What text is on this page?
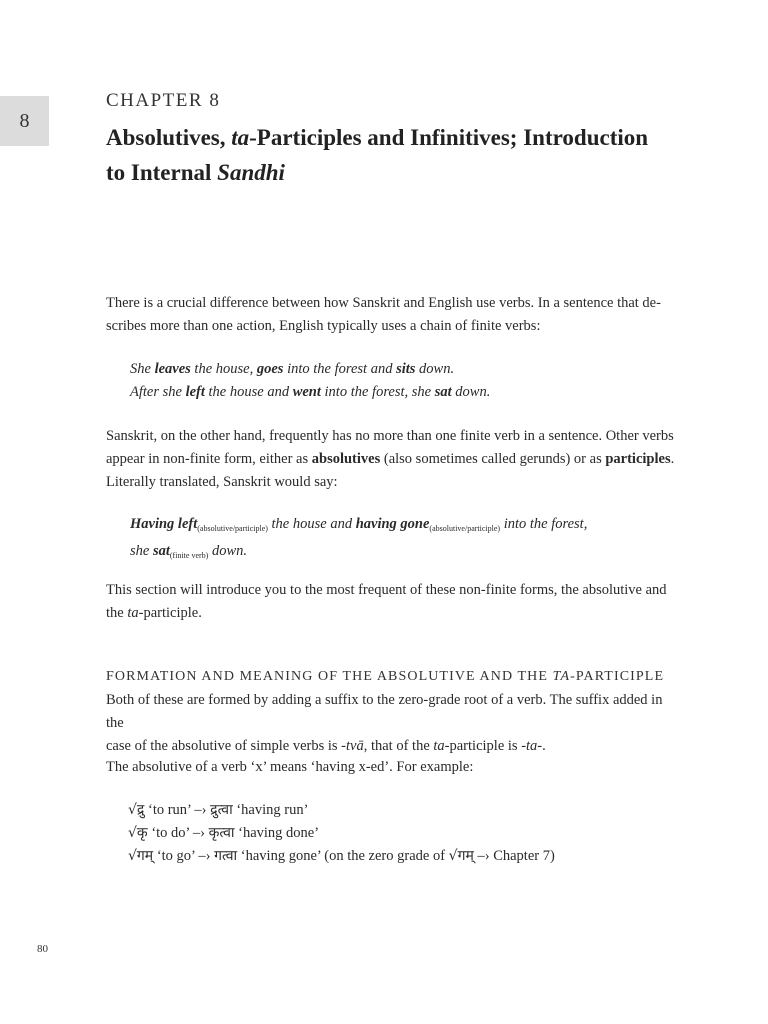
8
CHAPTER 8
Absolutives, ta-Participles and Infinitives; Introduction
to Internal Sandhi

There is a crucial difference between how Sanskrit and English use verbs. In a sentence that de-
scribes more than one action, English typically uses a chain of finite verbs:

She leaves the house, goes into the forest and sits down.
After she left the house and went into the forest, she sat down.

Sanskrit, on the other hand, frequently has no more than one finite verb in a sentence. Other verbs
appear in non-finite form, either as absolutives (also sometimes called gerunds) or as participles.
Literally translated, Sanskrit would say:

Having left$_{(absolutive/participle)}$ the house and having gone$_{(absolutive/participle)}$ into the forest,
she sat$_{(finite verb)}$ down.

This section will introduce you to the most frequent of these non-finite forms, the absolutive and
the ta-participle.

FORMATION AND MEANING OF THE ABSOLUTIVE AND THE TA-PARTICIPLE

Both of these are formed by adding a suffix to the zero-grade root of a verb. The suffix added in the
case of the absolutive of simple verbs is -tvā, that of the ta-participle is -ta-.

The absolutive of a verb ‘x’ means ‘having x-ed’. For example:

√द्रु ‘to run’ –› द्रुत्वा ‘having run’
√कृ ‘to do’ –› कृत्वा ‘having done’
√गम् ‘to go’ –› गत्वा ‘having gone’ (on the zero grade of √गम् –› Chapter 7)
80
